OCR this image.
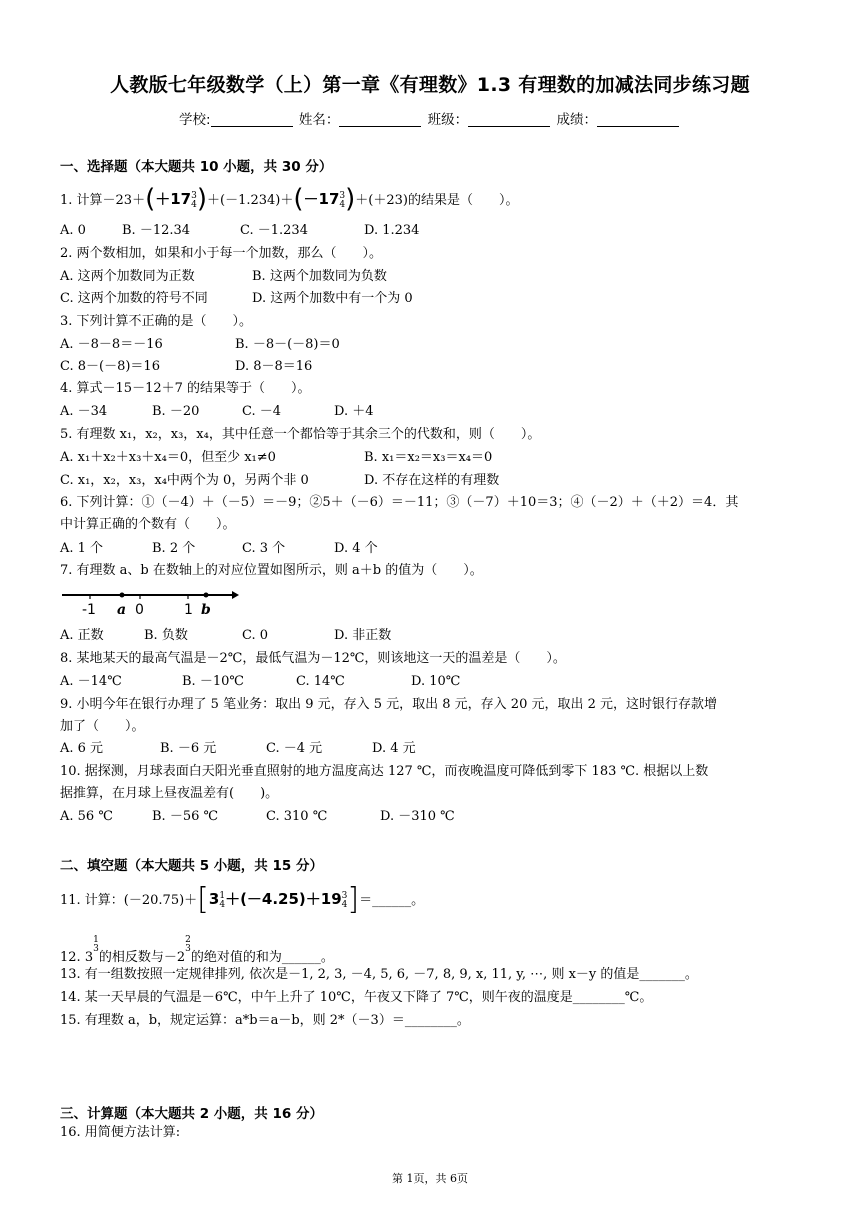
人教版七年级数学（上）第一章《有理数》1.3 有理数的加减法同步练习题
学校:	姓名：	班级：	成绩：
一、选择题（本大题共 10 小题，共 30 分）
1. 计算－23＋(＋17 3
4 )＋(－1.234)＋(－17 3
4 )＋(＋23)的结果是（　　）。
A. 0	B. －12.34	C. －1.234	D. 1.234
2. 两个数相加，如果和小于每一个加数，那么（　　）。
A. 这两个加数同为正数	B. 这两个加数同为负数
C. 这两个加数的符号不同	D. 这两个加数中有一个为 0
3. 下列计算不正确的是（　　）。
A. －8－8＝－16	B. －8－(－8)＝0
C. 8－(－8)＝16	D. 8－8＝16
4. 算式－15－12＋7 的结果等于（　　）。
A. －34	B. －20	C. －4	D. ＋4
5. 有理数 x₁，x₂，x₃，x₄，其中任意一个都恰等于其余三个的代数和，则（　　）。
A. x₁＋x₂＋x₃＋x₄＝0，但至少 x₁≠0	B. x₁＝x₂＝x₃＝x₄＝0
C. x₁，x₂，x₃，x₄中两个为 0，另两个非 0	D. 不存在这样的有理数
6. 下列计算：①（－4）＋（－5）＝－9；②5＋（－6）＝－11；③（－7）＋10＝3；④（－2）＋（＋2）＝4．其
中计算正确的个数有（　　）。
A. 1 个	B. 2 个	C. 3 个	D. 4 个
7. 有理数 a、b 在数轴上的对应位置如图所示，则 a＋b 的值为（　　）。
-1 a 0	1 b
A. 正数	B. 负数	C. 0	D. 非正数
8. 某地某天的最高气温是－2℃，最低气温为－12℃，则该地这一天的温差是（　　）。
A. －14℃	B. －10℃	C. 14℃	D. 10℃
9. 小明今年在银行办理了 5 笔业务：取出 9 元，存入 5 元，取出 8 元，存入 20 元，取出 2 元，这时银行存款增
加了（　　）。
A. 6 元	B. －6 元	C. －4 元	D. 4 元
10. 据探测，月球表面白天阳光垂直照射的地方温度高达 127 ℃，而夜晚温度可降低到零下 183 ℃. 根据以上数
据推算，在月球上昼夜温差有(　　)。
A. 56 ℃	B. －56 ℃	C. 310 ℃	D. －310 ℃
二、填空题（本大题共 5 小题，共 15 分）
11. 计算：(－20.75)＋[3 1
4 ＋(－4.25)＋19 3
4 ]＝______。
12. 3
1
3
的相反数与－2
2
3
的绝对值的和为______。
13. 有一组数按照一定规律排列, 依次是－1, 2, 3, －4, 5, 6, －7, 8, 9, x, 11, y, ⋯, 则 x－y 的值是_______。
14. 某一天早晨的气温是－6℃，中午上升了 10℃，午夜又下降了 7℃，则午夜的温度是________℃。
15. 有理数 a，b，规定运算：a*b＝a－b，则 2*（－3）＝________。
三、计算题（本大题共 2 小题，共 16 分）
16. 用简便方法计算:
第 1页，共 6页
